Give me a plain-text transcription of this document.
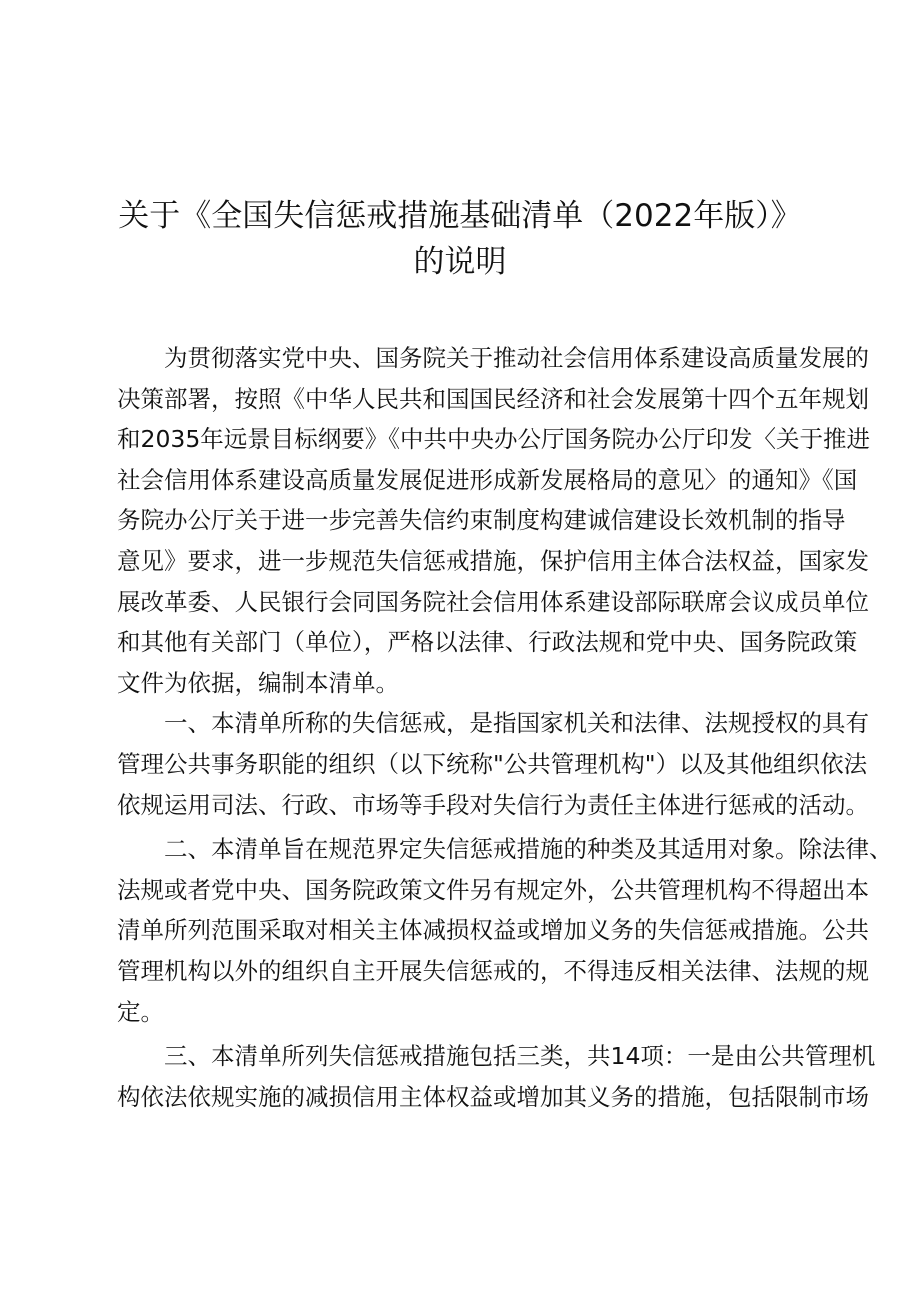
关于《全国失信惩戒措施基础清单（2022年版）》
的说明
为贯彻落实党中央、国务院关于推动社会信用体系建设高质量发展的
决策部署，按照《中华人民共和国国民经济和社会发展第十四个五年规划
和2035年远景目标纲要》《中共中央办公厅国务院办公厅印发〈关于推进
社会信用体系建设高质量发展促进形成新发展格局的意见〉的通知》《国
务院办公厅关于进一步完善失信约束制度构建诚信建设长效机制的指导
意见》要求，进一步规范失信惩戒措施，保护信用主体合法权益，国家发
展改革委、人民银行会同国务院社会信用体系建设部际联席会议成员单位
和其他有关部门（单位），严格以法律、行政法规和党中央、国务院政策
文件为依据，编制本清单。
一、本清单所称的失信惩戒，是指国家机关和法律、法规授权的具有
管理公共事务职能的组织（以下统称"公共管理机构"）以及其他组织依法
依规运用司法、行政、市场等手段对失信行为责任主体进行惩戒的活动。
二、本清单旨在规范界定失信惩戒措施的种类及其适用对象。除法律、
法规或者党中央、国务院政策文件另有规定外，公共管理机构不得超出本
清单所列范围采取对相关主体减损权益或增加义务的失信惩戒措施。公共
管理机构以外的组织自主开展失信惩戒的，不得违反相关法律、法规的规
定。
三、本清单所列失信惩戒措施包括三类，共14项：一是由公共管理机
构依法依规实施的减损信用主体权益或增加其义务的措施，包括限制市场
